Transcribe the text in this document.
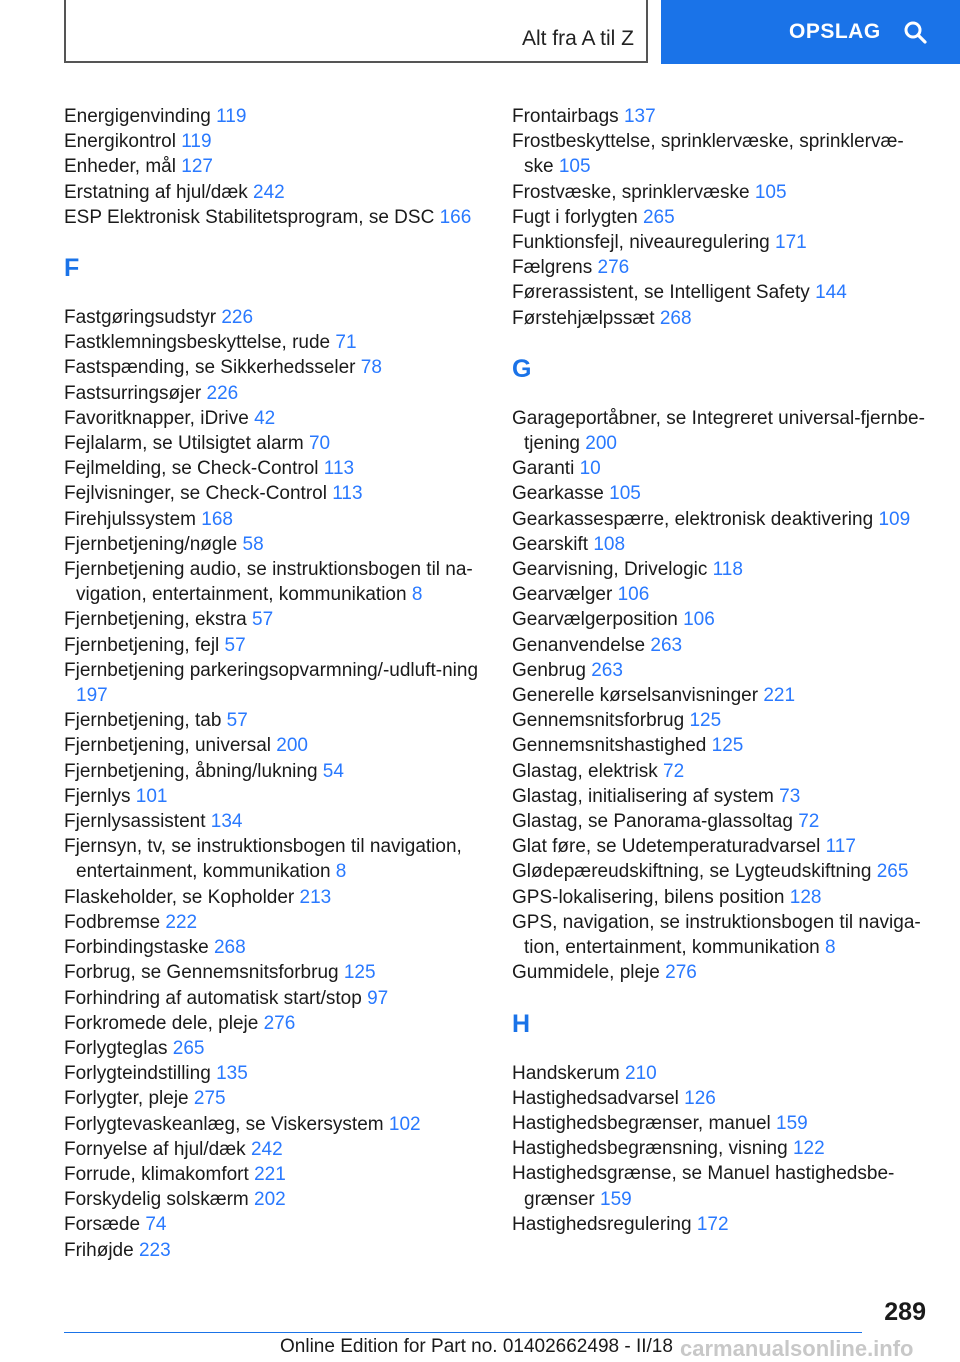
Alt fra A til Z	OPSLAG

Energigenvinding 119

Energikontrol 119

Enheder, mål 127

Erstatning af hjul/dæk 242

ESP Elektronisk Stabilitetsprogram, se DSC 166

F

Fastgøringsudstyr 226

Fastklemningsbeskyttelse, rude 71

Fastspænding, se Sikkerhedsseler 78

Fastsurringsøjer 226

Favoritknapper, iDrive 42

Fejlalarm, se Utilsigtet alarm 70

Fejlmelding, se Check-Control 113

Fejlvisninger, se Check-Control 113

Firehjulssystem 168

Fjernbetjening/nøgle 58

Fjernbetjening audio, se instruktionsbogen til na‐vigation, entertainment, kommunikation 8

Fjernbetjening, ekstra 57

Fjernbetjening, fejl 57

Fjernbetjening parkeringsopvarmning/-udluft‐ning 197

Fjernbetjening, tab 57

Fjernbetjening, universal 200

Fjernbetjening, åbning/lukning 54

Fjernlys 101

Fjernlysassistent 134

Fjernsyn, tv, se instruktionsbogen til navigation, entertainment, kommunikation 8

Flaskeholder, se Kopholder 213

Fodbremse 222

Forbindingstaske 268

Forbrug, se Gennemsnitsforbrug 125

Forhindring af automatisk start/stop 97

Forkromede dele, pleje 276

Forlygteglas 265

Forlygteindstilling 135

Forlygter, pleje 275

Forlygtevaskeanlæg, se Viskersystem 102

Fornyelse af hjul/dæk 242

Forrude, klimakomfort 221

Forskydelig solskærm 202

Forsæde 74

Frihøjde 223

Frontairbags 137

Frostbeskyttelse, sprinklervæske, sprinklervæ‐ske 105

Frostvæske, sprinklervæske 105

Fugt i forlygten 265

Funktionsfejl, niveauregulering 171

Fælgrens 276

Førerassistent, se Intelligent Safety 144

Førstehjælpssæt 268

G

Garageportåbner, se Integreret universal-fjernbe‐tjening 200

Garanti 10

Gearkasse 105

Gearkassespærre, elektronisk deaktivering 109

Gearskift 108

Gearvisning, Drivelogic 118

Gearvælger 106

Gearvælgerposition 106

Genanvendelse 263

Genbrug 263

Generelle kørselsanvisninger 221

Gennemsnitsforbrug 125

Gennemsnitshastighed 125

Glastag, elektrisk 72

Glastag, initialisering af system 73

Glastag, se Panorama-glassoltag 72

Glat føre, se Udetemperaturadvarsel 117

Glødepæreudskiftning, se Lygteudskiftning 265

GPS-lokalisering, bilens position 128

GPS, navigation, se instruktionsbogen til naviga‐tion, entertainment, kommunikation 8

Gummidele, pleje 276

H

Handskerum 210

Hastighedsadvarsel 126

Hastighedsbegrænser, manuel 159

Hastighedsbegrænsning, visning 122

Hastighedsgrænse, se Manuel hastighedsbe‐grænser 159

Hastighedsregulering 172

289
Online Edition for Part no. 01402662498 - II/18 carmanualsonline.info
